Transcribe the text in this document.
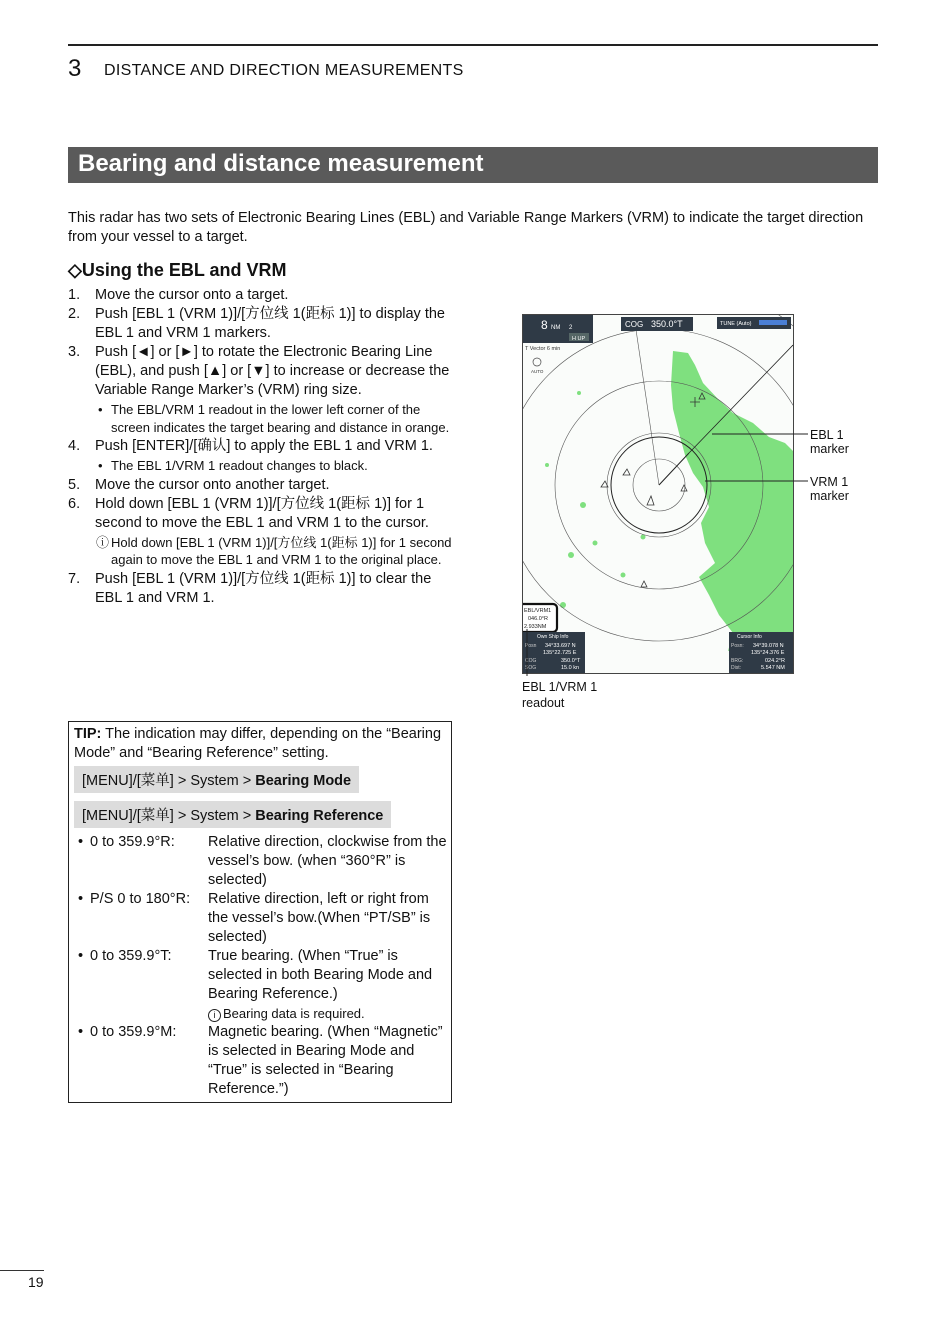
3 DISTANCE AND DIRECTION MEASUREMENTS
Bearing and distance measurement
This radar has two sets of Electronic Bearing Lines (EBL) and Variable Range Markers (VRM) to indicate the target direction from your vessel to a target.
◇Using the EBL and VRM
1. Move the cursor onto a target.
2. Push [EBL 1 (VRM 1)]/[方位线 1(距标 1)] to display the EBL 1 and VRM 1 markers.
3. Push [◄] or [►] to rotate the Electronic Bearing Line (EBL), and push [▲] or [▼] to increase or decrease the Variable Range Marker’s (VRM) ring size.
• The EBL/VRM 1 readout in the lower left corner of the screen indicates the target bearing and distance in orange.
4. Push [ENTER]/[确认] to apply the EBL 1 and VRM 1.
• The EBL 1/VRM 1 readout changes to black.
5. Move the cursor onto another target.
6. Hold down [EBL 1 (VRM 1)]/[方位线 1(距标 1)] for 1 second to move the EBL 1 and VRM 1 to the cursor.
ⓘ Hold down [EBL 1 (VRM 1)]/[方位线 1(距标 1)] for 1 second again to move the EBL 1 and VRM 1 to the original place.
7. Push [EBL 1 (VRM 1)]/[方位线 1(距标 1)] to clear the EBL 1 and VRM 1.
TIP: The indication may differ, depending on the “Bearing Mode” and “Bearing Reference” setting.
[MENU]/[菜单] > System > Bearing Mode
[MENU]/[菜单] > System > Bearing Reference
• 0 to 359.9°R: Relative direction, clockwise from the vessel’s bow. (when “360°R” is selected)
• P/S 0 to 180°R: Relative direction, left or right from the vessel’s bow.(When “PT/SB” is selected)
• 0 to 359.9°T:	True bearing. (When “True” is selected in both Bearing Mode and Bearing Reference.)
i Bearing data is required.
• 0 to 359.9°M: Magnetic bearing. (When “Magnetic” is selected in Bearing Mode and “True” is selected in “Bearing Reference.”)
8 NM 2
H UP
COG 350.0°T	TUNE (Auto)
T Vector 6 min
AUTO
EBL/VRM1
046.0°R
2.933NM
Own Ship Info
Posn 34°33.697 N
135°22.725 E
COG	350.0°T
SOG	15.0 kn
Cursor Info
Posn: 34°39.078 N
135°24.376 E
BRG:	024.2°R
Dist:	5.547 NM
EBL 1
marker
VRM 1
marker
EBL 1/VRM 1
readout
19
